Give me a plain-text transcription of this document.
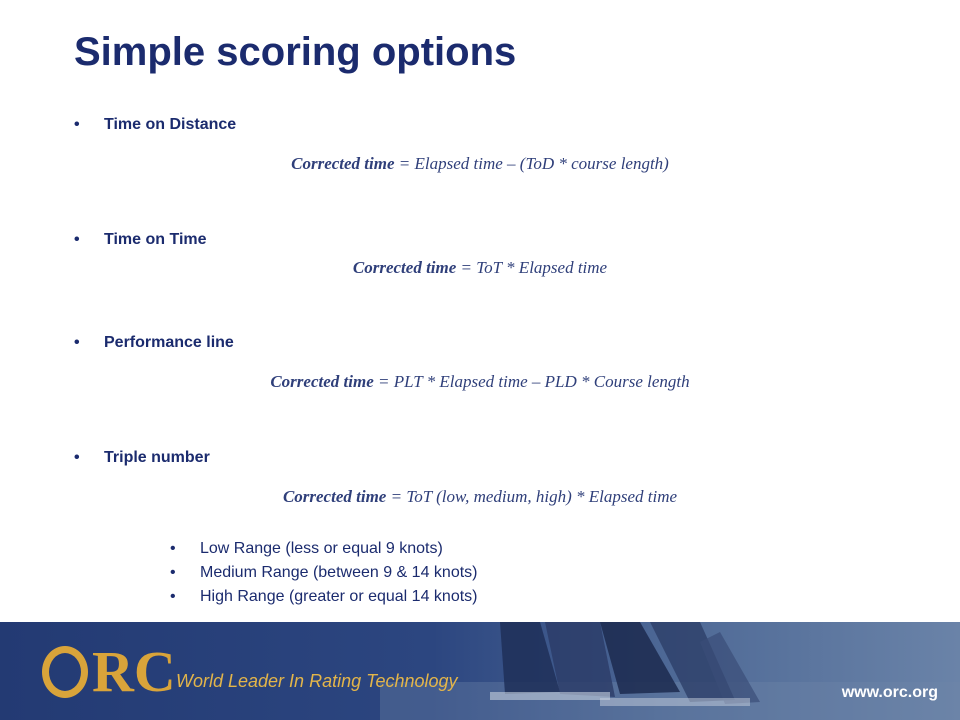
Simple scoring options
• Time on Distance
Corrected time = Elapsed time – (ToD * course length)
• Time on Time
Corrected time = ToT * Elapsed time
• Performance line
Corrected time = PLT * Elapsed time – PLD * Course length
• Triple number
Corrected time = ToT (low, medium, high) * Elapsed time
• Low Range (less or equal 9 knots)
• Medium Range (between 9 & 14 knots)
• High Range (greater or equal 14 knots)
RC World Leader In Rating Technology
www.orc.org
